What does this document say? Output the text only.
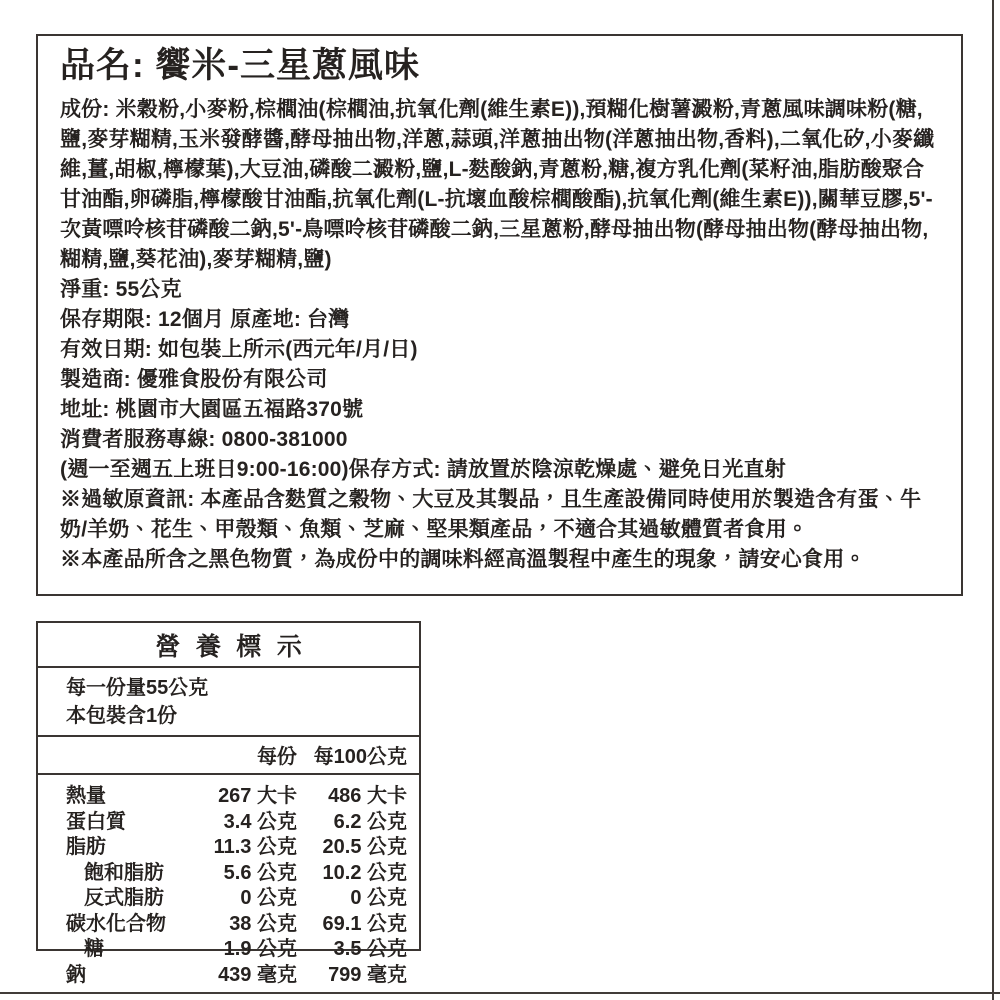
品名: 饗米-三星蔥風味

成份: 米穀粉,小麥粉,棕櫚油(棕櫚油,抗氧化劑(維生素E)),預糊化樹薯澱粉,青蔥風味調味粉(糖,鹽,麥芽糊精,玉米發酵醬,酵母抽出物,洋蔥,蒜頭,洋蔥抽出物(洋蔥抽出物,香料),二氧化矽,小麥纖維,薑,胡椒,檸檬葉),大豆油,磷酸二澱粉,鹽,L-麩酸鈉,青蔥粉,糖,複方乳化劑(菜籽油,脂肪酸聚合甘油酯,卵磷脂,檸檬酸甘油酯,抗氧化劑(L-抗壞血酸棕櫚酸酯),抗氧化劑(維生素E)),關華豆膠,5'-次黃嘌呤核苷磷酸二鈉,5'-鳥嘌呤核苷磷酸二鈉,三星蔥粉,酵母抽出物(酵母抽出物(酵母抽出物,糊精,鹽,葵花油),麥芽糊精,鹽)

淨重: 55公克

保存期限: 12個月 原產地: 台灣

有效日期: 如包裝上所示(西元年/月/日)

製造商: 優雅食股份有限公司

地址: 桃園市大園區五福路370號

消費者服務專線: 0800-381000

(週一至週五上班日9:00-16:00)保存方式: 請放置於陰涼乾燥處、避免日光直射

※過敏原資訊: 本產品含麩質之穀物、大豆及其製品，且生產設備同時使用於製造含有蛋、牛奶/羊奶、花生、甲殼類、魚類、芝麻、堅果類產品，不適合其過敏體質者食用。

※本產品所含之黑色物質，為成份中的調味料經高溫製程中產生的現象，請安心食用。

營養標示
每一份量55公克
本包裝含1份
每份 每100公克
熱量	267 大卡	486 大卡
蛋白質	3.4 公克	6.2 公克
脂肪	11.3 公克	20.5 公克
飽和脂肪	5.6 公克	10.2 公克
反式脂肪	0 公克	0 公克
碳水化合物	38 公克	69.1 公克
糖	1.9 公克	3.5 公克
鈉	439 毫克	799 毫克
